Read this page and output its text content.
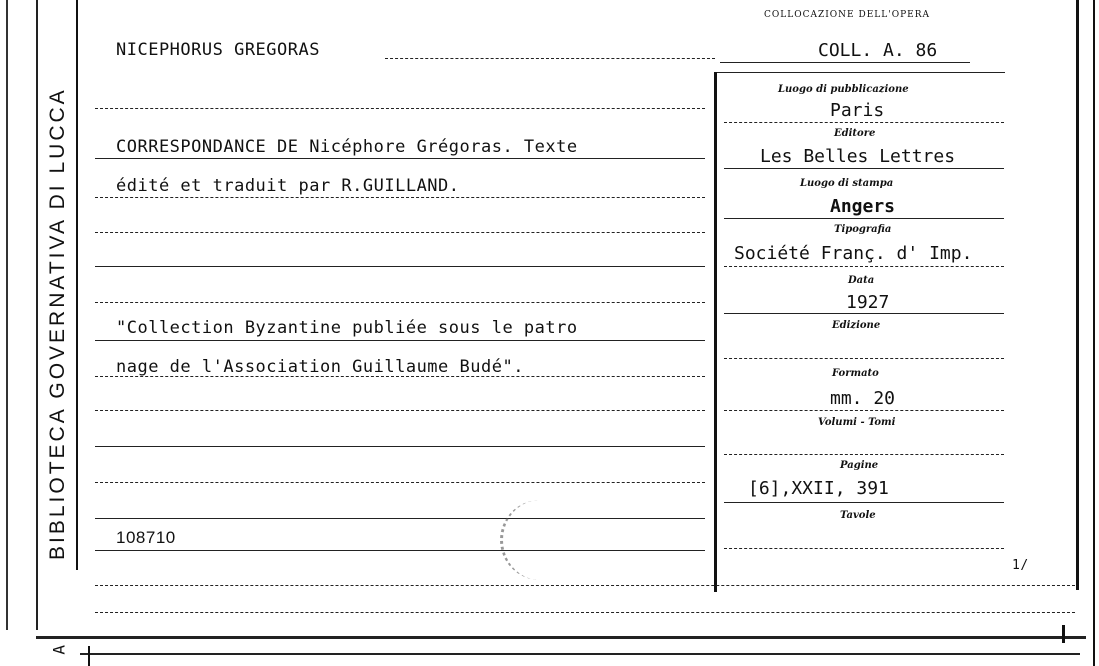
BIBLIOTECA GOVERNATIVA DI LUCCA
A
COLLOCAZIONE DELL'OPERA
NICEPHORUS GREGORAS	COLL. A. 86
CORRESPONDANCE DE Nicéphore Grégoras. Texte
édité et traduit par R.GUILLAND.
"Collection Byzantine publiée sous le patro
nage de l'Association Guillaume Budé".
108710
Luogo di pubblicazione
Paris
Editore
Les Belles Lettres
Luogo di stampa
Angers
Tipografia
Société Franç. d' Imp.
Data
1927
Edizione
Formato
mm. 20
Volumi - Tomi
Pagine
[6],XXII, 391
Tavole
1/
